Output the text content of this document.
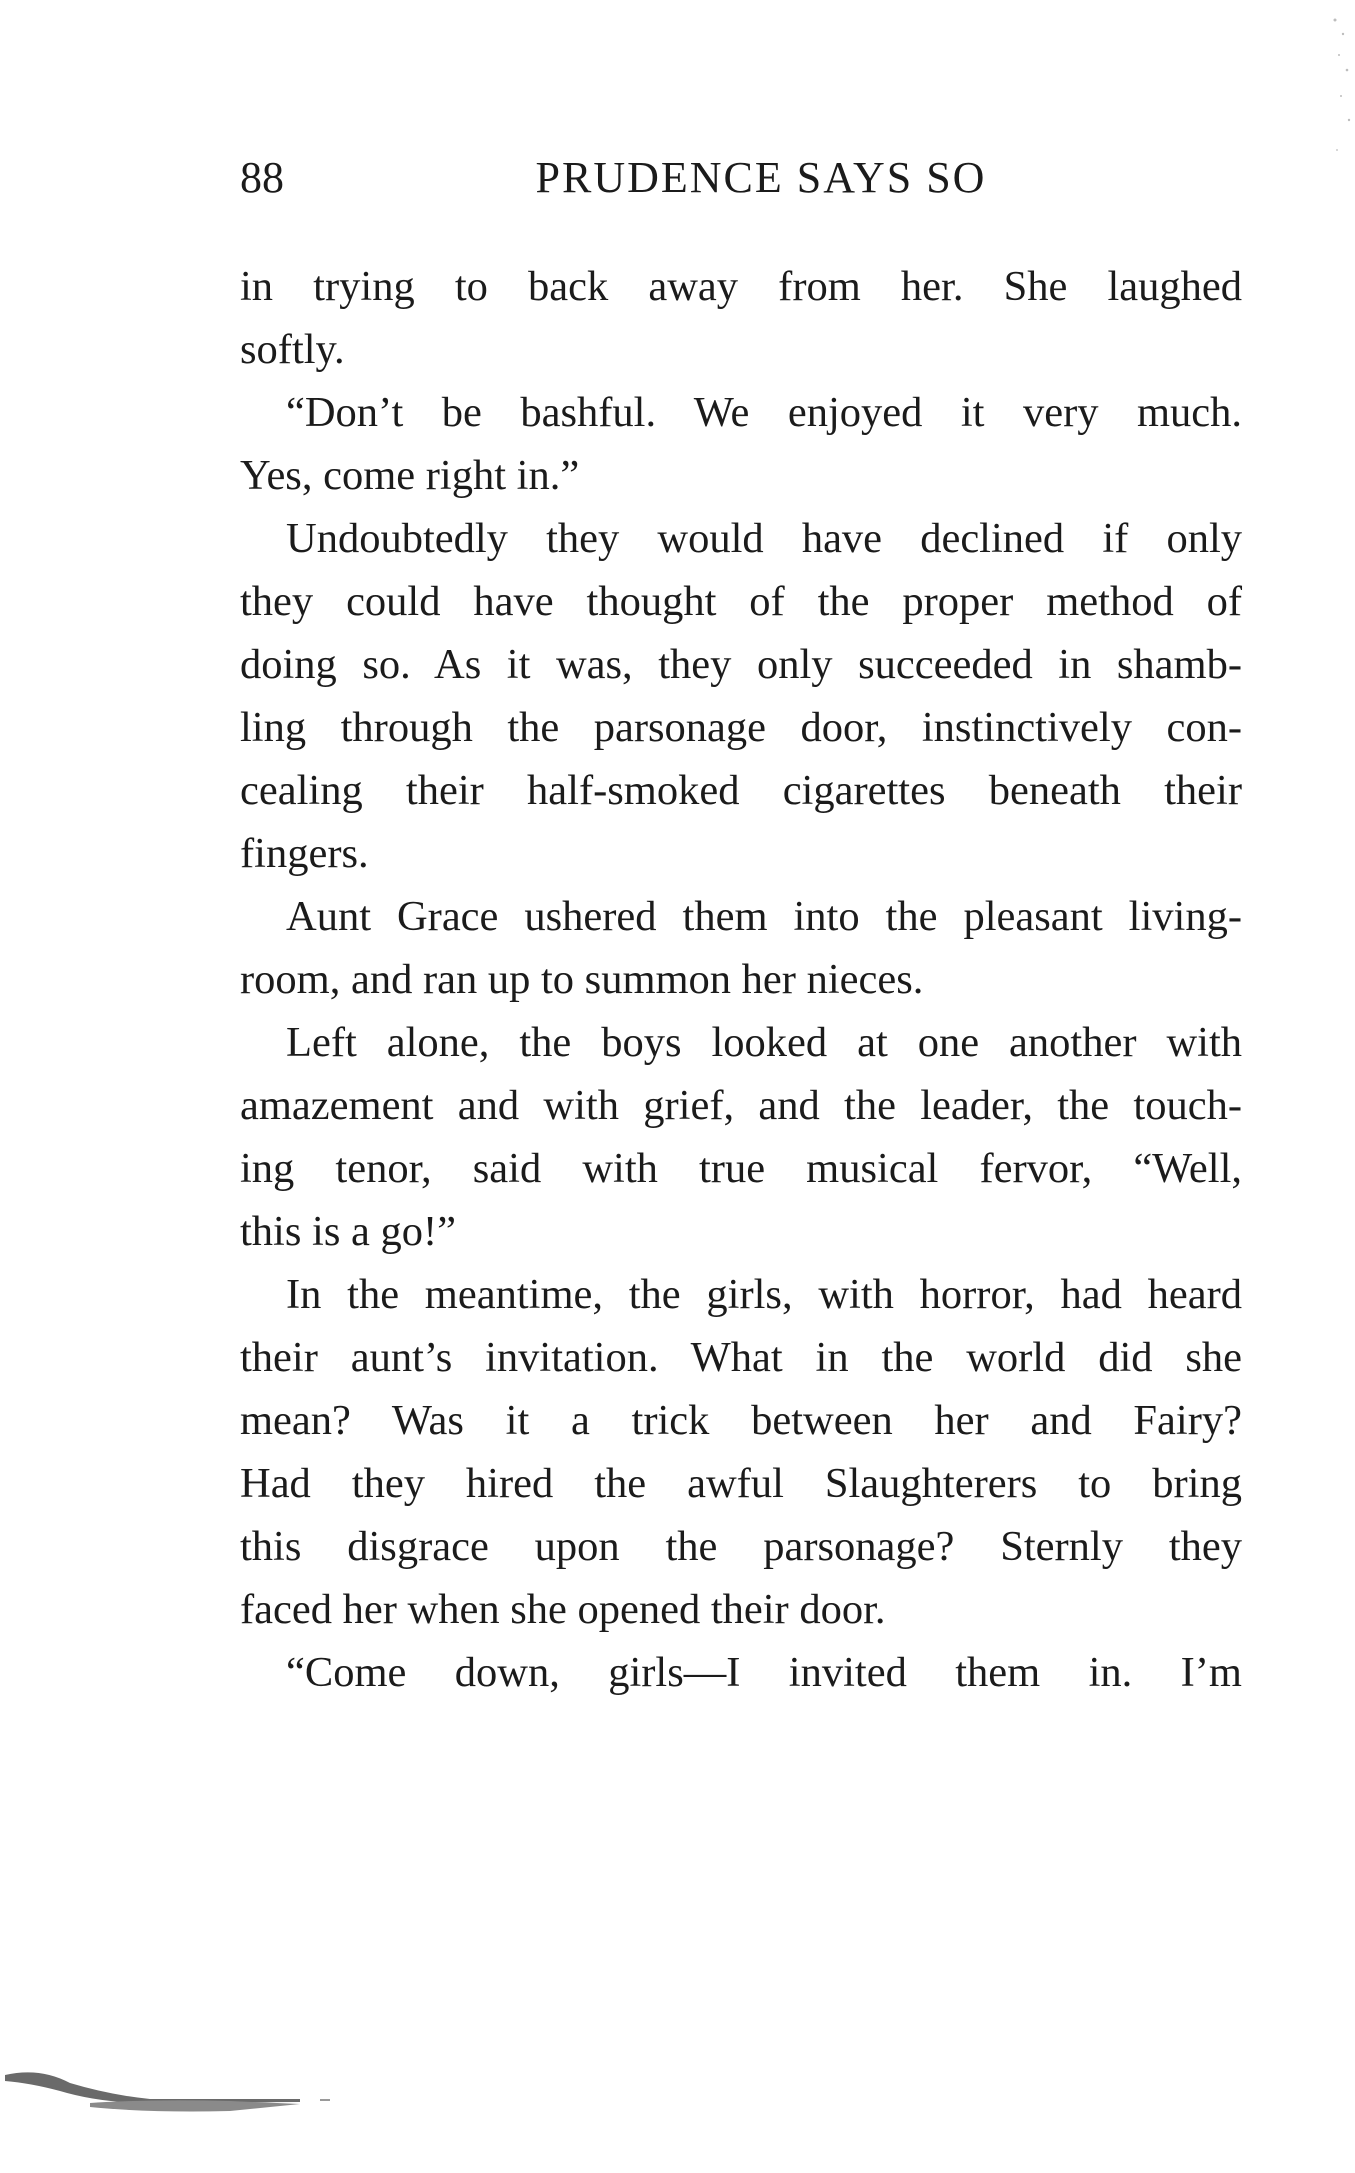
88	PRUDENCE SAYS SO
in trying to back away from her. She laughed
softly.
“Don’t be bashful. We enjoyed it very much.
Yes, come right in.”
Undoubtedly they would have declined if only
they could have thought of the proper method of
doing so. As it was, they only succeeded in shamb-
ling through the parsonage door, instinctively con-
cealing their half-smoked cigarettes beneath their
fingers.
Aunt Grace ushered them into the pleasant living-
room, and ran up to summon her nieces.
Left alone, the boys looked at one another with
amazement and with grief, and the leader, the touch-
ing tenor, said with true musical fervor, “Well,
this is a go!”
In the meantime, the girls, with horror, had heard
their aunt’s invitation. What in the world did she
mean? Was it a trick between her and Fairy?
Had they hired the awful Slaughterers to bring
this disgrace upon the parsonage? Sternly they
faced her when she opened their door.
“Come down, girls—I invited them in. I’m
